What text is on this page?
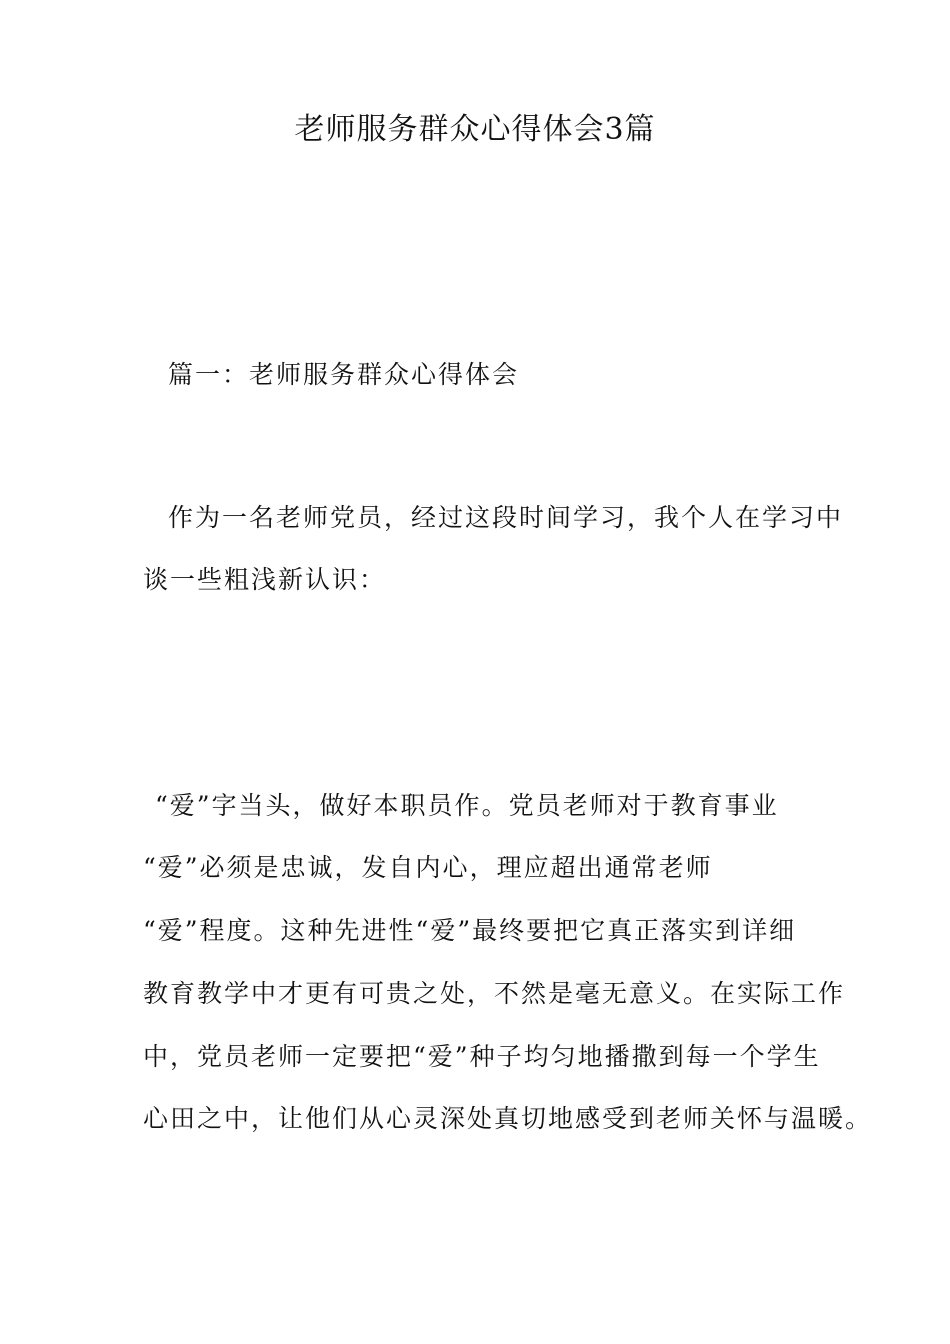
老师服务群众心得体会3篇
篇一：老师服务群众心得体会
作为一名老师党员，经过这段时间学习，我个人在学习中
谈一些粗浅新认识：
“爱”字当头，做好本职员作。党员老师对于教育事业
“爱”必须是忠诚，发自内心，理应超出通常老师
“爱”程度。这种先进性“爱”最终要把它真正落实到详细
教育教学中才更有可贵之处，不然是毫无意义。在实际工作
中，党员老师一定要把“爱”种子均匀地播撒到每一个学生
心田之中，让他们从心灵深处真切地感受到老师关怀与温暖。
